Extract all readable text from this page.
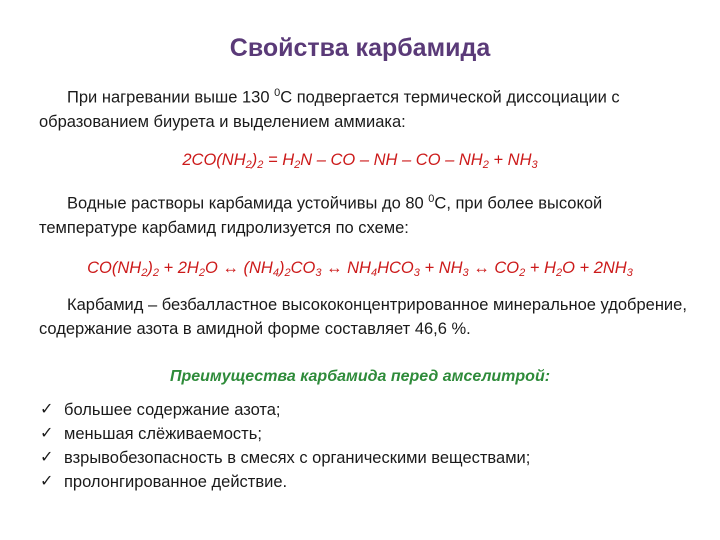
Свойства карбамида
При нагревании выше 130 $^0$С подвергается термической диссоциации с образованием биурета и выделением аммиака:
$2CO(NH_2)_2 = H_2N$ – CO – NH – CO – $NH_2 + NH_3$
Водные растворы карбамида устойчивы до 80 $^0$С, при более высокой температуре карбамид гидролизуется по схеме:
$CO(NH_2)_2 + 2H_2O$ ↔ $(NH_4)_2CO_3$ ↔ $NH_4HCO_3 + NH_3$ ↔ $CO_2 + H_2O + 2NH_3$
Карбамид – безбалластное высококонцентрированное минеральное удобрение, содержание азота в амидной форме составляет 46,6 %.
Преимущества карбамида перед амселитрой:
✓ большее содержание азота;
✓ меньшая слёживаемость;
✓ взрывобезопасность в смесях с органическими веществами;
✓ пролонгированное действие.
